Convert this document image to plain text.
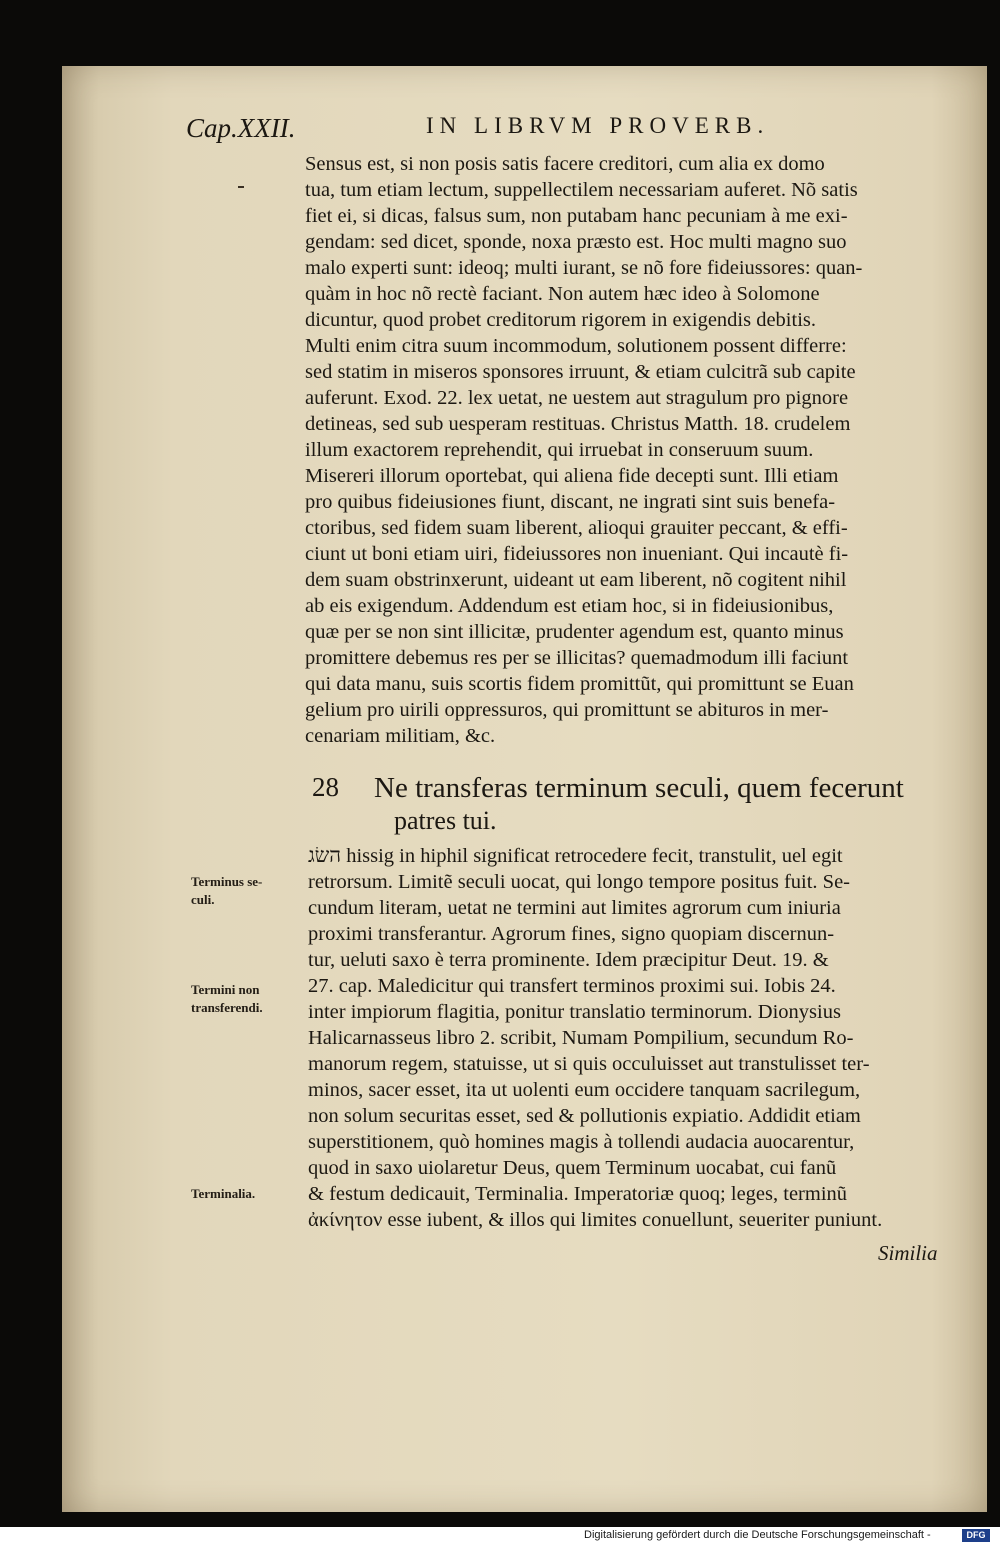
Cap.XXII.	IN LIBRVM PROVERB.
Sensus est, si non posis satis facere creditori, cum alia ex domo
tua, tum etiam lectum, suppellectilem necessariam auferet. Nõ satis
fiet ei, si dicas, falsus sum, non putabam hanc pecuniam à me exi-
gendam: sed dicet, sponde, noxa præsto est. Hoc multi magno suo
malo experti sunt: ideoq; multi iurant, se nõ fore fideiussores: quan-
quàm in hoc nõ rectè faciant. Non autem hæc ideo à Solomone
dicuntur, quod probet creditorum rigorem in exigendis debitis.
Multi enim citra suum incommodum, solutionem possent differre:
sed statim in miseros sponsores irruunt, & etiam culcitrã sub capite
auferunt. Exod. 22. lex uetat, ne uestem aut stragulum pro pignore
detineas, sed sub uesperam restituas. Christus Matth. 18. crudelem
illum exactorem reprehendit, qui irruebat in conseruum suum.
Misereri illorum oportebat, qui aliena fide decepti sunt. Illi etiam
pro quibus fideiusiones fiunt, discant, ne ingrati sint suis benefa-
ctoribus, sed fidem suam liberent, alioqui grauiter peccant, & effi-
ciunt ut boni etiam uiri, fideiussores non inueniant. Qui incautè fi-
dem suam obstrinxerunt, uideant ut eam liberent, nõ cogitent nihil
ab eis exigendum. Addendum est etiam hoc, si in fideiusionibus,
quæ per se non sint illicitæ, prudenter agendum est, quanto minus
promittere debemus res per se illicitas? quemadmodum illi faciunt
qui data manu, suis scortis fidem promittũt, qui promittunt se Euan
gelium pro uirili oppressuros, qui promittunt se abituros in mer-
cenariam militiam, &c.
28 Ne transferas terminum seculi, quem fecerunt
patres tui.
השׂג hissig in hiphil significat retrocedere fecit, transtulit, uel egit
retrorsum. Limitẽ seculi uocat, qui longo tempore positus fuit. Se-
cundum literam, uetat ne termini aut limites agrorum cum iniuria
proximi transferantur. Agrorum fines, signo quopiam discernun-
tur, ueluti saxo è terra prominente. Idem præcipitur Deut. 19. &
27. cap. Maledicitur qui transfert terminos proximi sui. Iobis 24.
inter impiorum flagitia, ponitur translatio terminorum. Dionysius
Halicarnasseus libro 2. scribit, Numam Pompilium, secundum Ro-
manorum regem, statuisse, ut si quis occuluisset aut transtulisset ter-
minos, sacer esset, ita ut uolenti eum occidere tanquam sacrilegum,
non solum securitas esset, sed & pollutionis expiatio. Addidit etiam
superstitionem, quò homines magis à tollendi audacia auocarentur,
quod in saxo uiolaretur Deus, quem Terminum uocabat, cui fanũ
& festum dedicauit, Terminalia. Imperatoriæ quoq; leges, terminũ
ἀκίνητον esse iubent, & illos qui limites conuellunt, seueriter puniunt.
Terminus se-
culi.
Termini non
transferendi.
Terminalia.
Similia
Digitalisierung gefördert durch die Deutsche Forschungsgemeinschaft -	DFG
